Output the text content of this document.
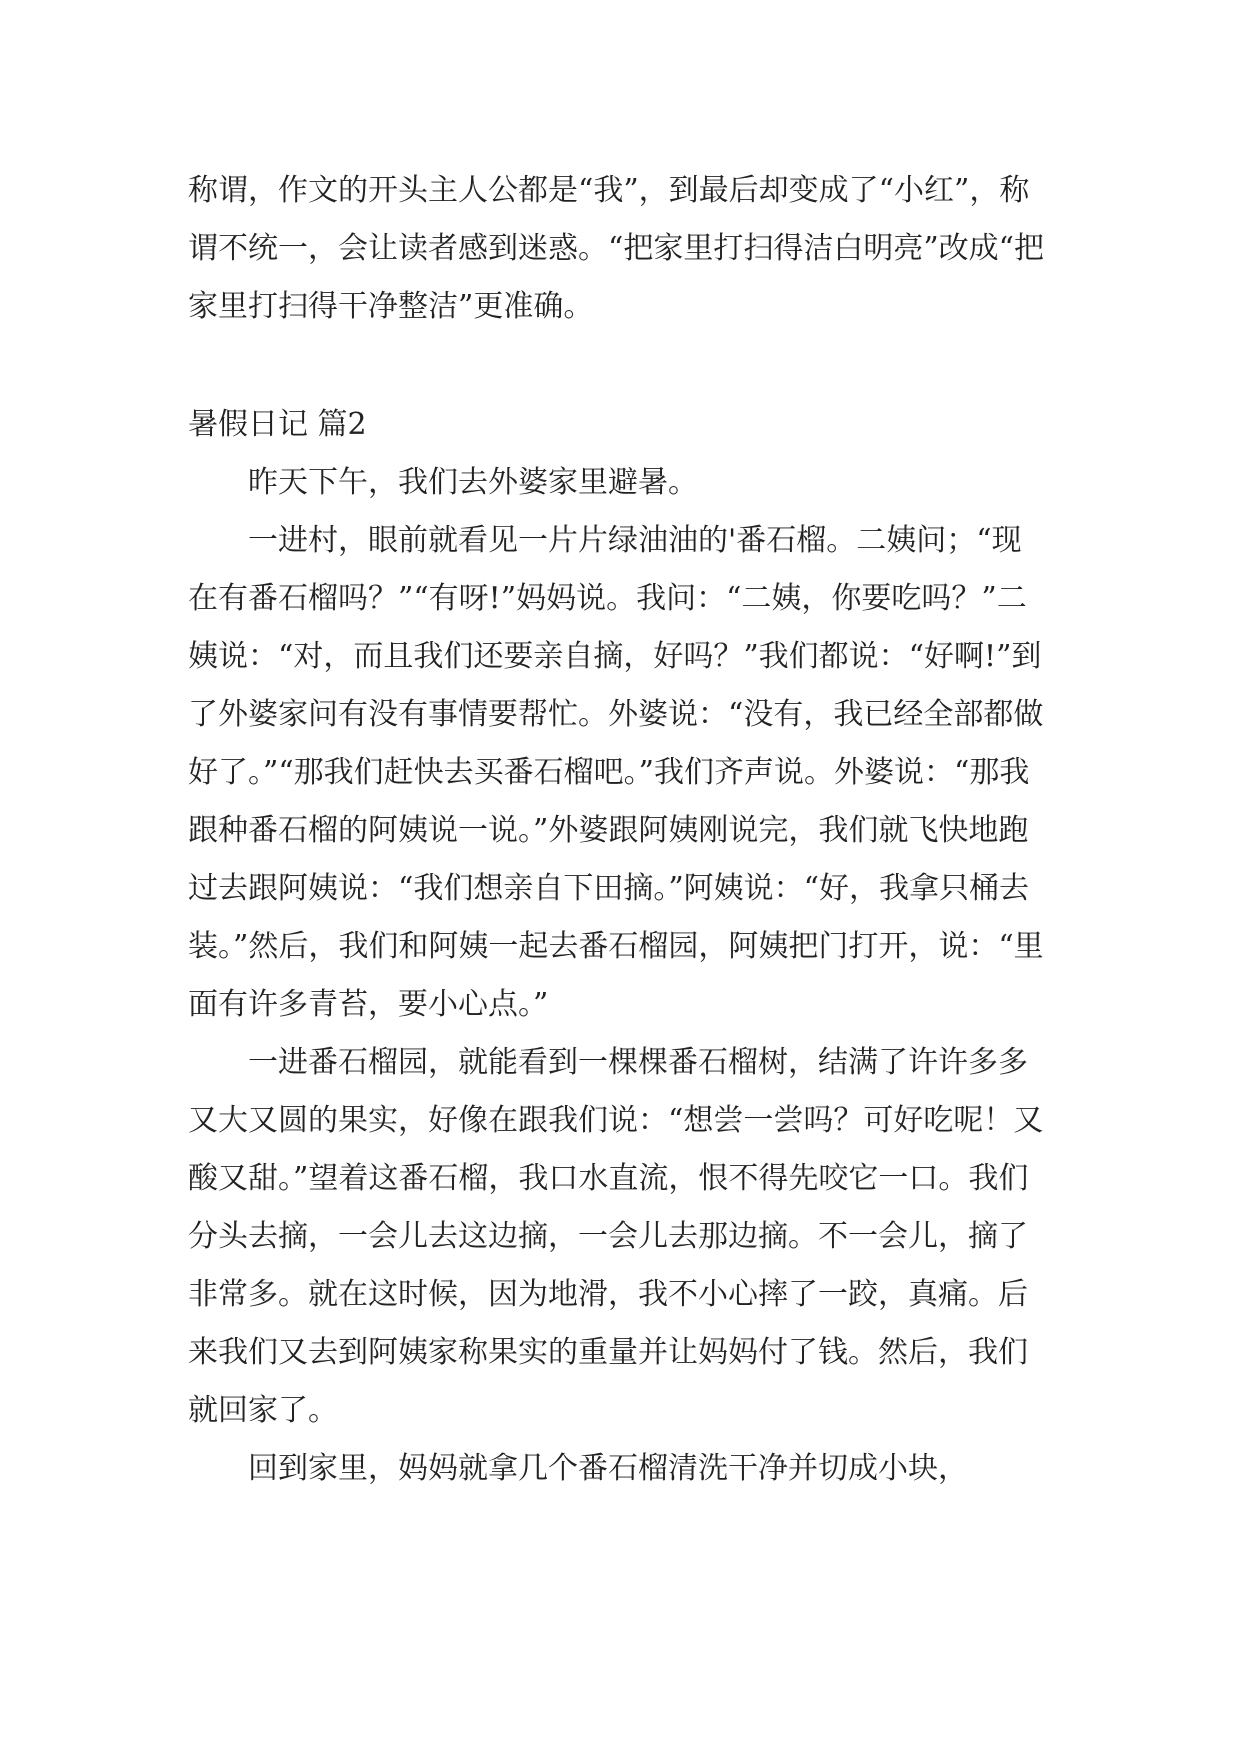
称谓，作文的开头主人公都是“我”，到最后却变成了“小红”，称谓不统一，会让读者感到迷惑。“把家里打扫得洁白明亮”改成“把家里打扫得干净整洁”更准确。

暑假日记 篇2

昨天下午，我们去外婆家里避暑。

一进村，眼前就看见一片片绿油油的'番石榴。二姨问；“现在有番石榴吗？”“有呀!”妈妈说。我问：“二姨，你要吃吗？”二姨说：“对，而且我们还要亲自摘，好吗？”我们都说：“好啊!”到了外婆家问有没有事情要帮忙。外婆说：“没有，我已经全部都做好了。”“那我们赶快去买番石榴吧。”我们齐声说。外婆说：“那我跟种番石榴的阿姨说一说。”外婆跟阿姨刚说完，我们就飞快地跑过去跟阿姨说：“我们想亲自下田摘。”阿姨说：“好，我拿只桶去装。”然后，我们和阿姨一起去番石榴园，阿姨把门打开，说：“里面有许多青苔，要小心点。”

一进番石榴园，就能看到一棵棵番石榴树，结满了许许多多又大又圆的果实，好像在跟我们说：“想尝一尝吗？可好吃呢！又酸又甜。”望着这番石榴，我口水直流，恨不得先咬它一口。我们分头去摘，一会儿去这边摘，一会儿去那边摘。不一会儿，摘了非常多。就在这时候，因为地滑，我不小心摔了一跤，真痛。后来我们又去到阿姨家称果实的重量并让妈妈付了钱。然后，我们就回家了。

回到家里，妈妈就拿几个番石榴清洗干净并切成小块，
